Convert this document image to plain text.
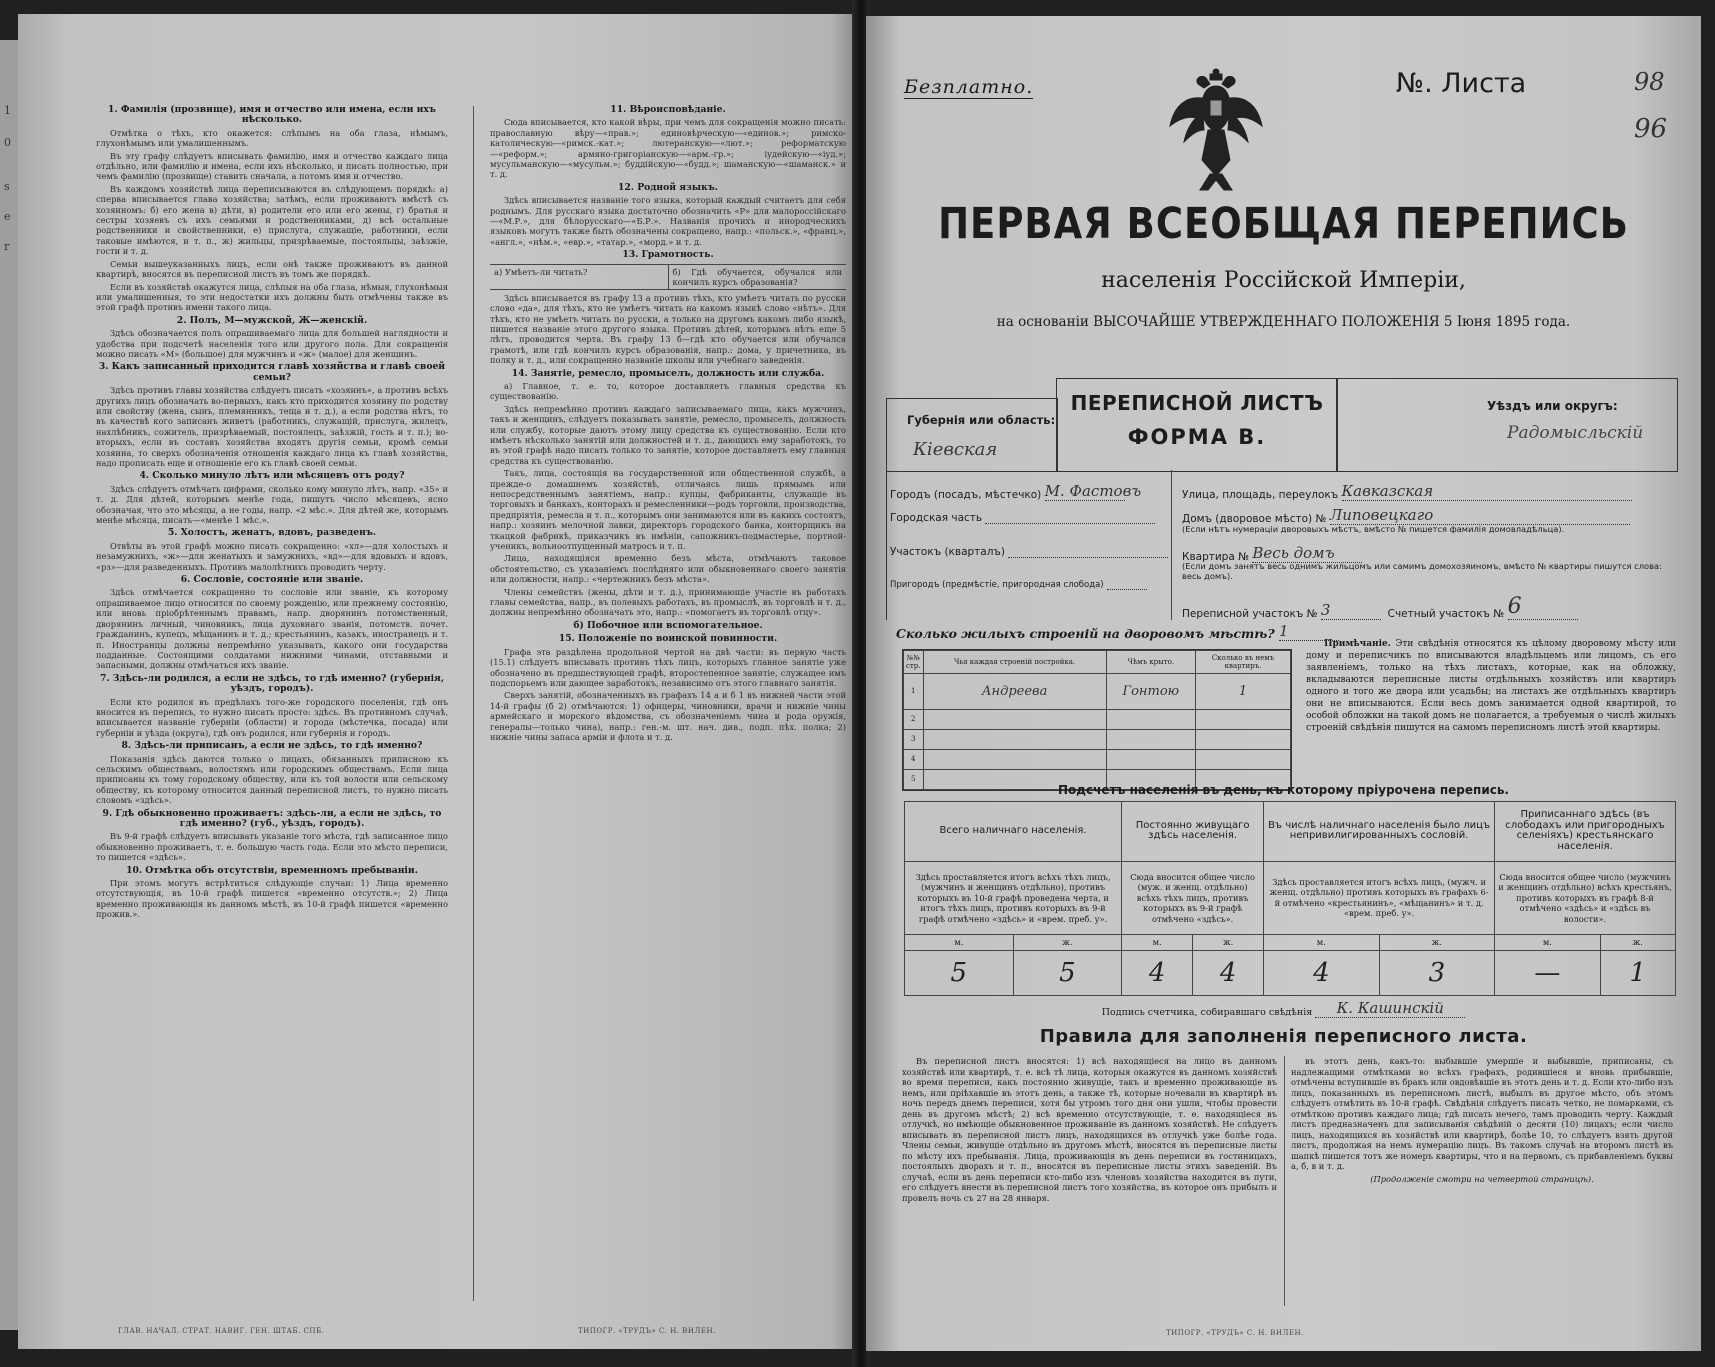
1
0
s
e
r
1. Фамилія (прозвище), имя и отчество или имена, если ихъ нѣсколько.

Отмѣтка о тѣхъ, кто окажется: слѣпымъ на оба глаза, нѣмымъ, глухонѣмымъ или умалишеннымъ.

Въ эту графу слѣдуетъ вписывать фамилію, имя и отчество каждаго лица отдѣльно, или фамилію и имена, если ихъ нѣсколько, и писать полностью, при чемъ фамилію (прозвище) ставить сначала, а потомъ имя и отчество.

Въ каждомъ хозяйствѣ лица переписываются въ слѣдующемъ порядкѣ: а) сперва вписывается глава хозяйства; затѣмъ, если проживаютъ вмѣстѣ съ хозяиномъ: б) его жена в) дѣти, в) родители его или его жены, г) братья и сестры хозяевъ съ ихъ семьями и родственниками, д) всѣ остальные родственники и свойственники, е) прислуга, служащіе, работники, если таковые имѣются, и т. п., ж) жильцы, призрѣваемые, постояльцы, заѣзжіе, гости и т. д.

Семьи вышеуказанныхъ лицъ, если онѣ также проживаютъ въ данной квартирѣ, вносятся въ переписной листъ въ томъ же порядкѣ.

Если въ хозяйствѣ окажутся лица, слѣпыя на оба глаза, нѣмыя, глухонѣмыя или умалишенныя, то эти недостатки ихъ должны быть отмѣчены также въ этой графѣ противъ имени такого лица.

2. Полъ, М—мужской, Ж—женскій.

Здѣсь обозначается полъ опрашиваемаго лица для большей наглядности и удобства при подсчетѣ населенія того или другого пола. Для сокращенія можно писать «М» (большое) для мужчинъ и «ж» (малое) для женщинъ.

3. Какъ записанный приходится главѣ хозяйства и главѣ своей семьи?

Здѣсь противъ главы хозяйства слѣдуетъ писать «хозяинъ», а противъ всѣхъ другихъ лицъ обозначать во-первыхъ, какъ кто приходится хозяину по родству или свойству (жена, сынъ, племянникъ, теща и т. д.), а если родства нѣтъ, то въ качествѣ кого записанъ живетъ (работникъ, служащій, прислуга, жилецъ, нахлѣбникъ, сожитель, призрѣваемый, постоялецъ, заѣзжій, гость и т. п.); во-вторыхъ, если въ составъ хозяйства входятъ другія семьи, кромѣ семьи хозяина, то сверхъ обозначенія отношенія каждаго лица къ главѣ хозяйства, надо прописать еще и отношеніе его къ главѣ своей семьи.

4. Сколько минуло лѣтъ или мѣсяцевъ отъ роду?

Здѣсь слѣдуетъ отмѣчать цифрами, сколько кому минуло лѣтъ, напр. «35» и т. д. Для дѣтей, которымъ менѣе года, пишутъ число мѣсяцевъ, ясно обозначая, что это мѣсяцы, а не годы, напр. «2 мѣс.». Для дѣтей же, которымъ менѣе мѣсяца, писать—«менѣе 1 мѣс.».

5. Холостъ, женатъ, вдовъ, разведенъ.

Отвѣты въ этой графѣ можно писать сокращенно: «хл»—для холостыхъ и незамужнихъ, «ж»—для женатыхъ и замужнихъ, «вд»—для вдовыхъ и вдовъ, «рз»—для разведенныхъ. Противъ малолѣтнихъ проводить черту.

6. Сословіе, состояніе или званіе.

Здѣсь отмѣчается сокращенно то сословіе или званіе, къ которому опрашиваемое лицо относится по своему рожденію, или прежнему состоянію, или вновь пріобрѣтеннымъ правамъ, напр. дворянинъ потомственный, дворянинъ личный, чиновникъ, лица духовнаго званія, потомств. почет. гражданинъ, купецъ, мѣщанинъ и т. д.; крестьянинъ, казакъ, иностранецъ и т. п. Иностранцы должны непремѣнно указывать, какого они государства подданные. Состоящими солдатами нижними чинами, отставными и запасными, должны отмѣчаться ихъ званіе.

7. Здѣсь-ли родился, а если не здѣсь, то гдѣ именно? (губернія, уѣздъ, городъ).

Если кто родился въ предѣлахъ того-же городского поселенія, гдѣ онъ вносится въ перепись, то нужно писать просто: здѣсь. Въ противномъ случаѣ, вписывается названіе губерніи (области) и города (мѣстечка, посада) или губерніи и уѣзда (округа), гдѣ онъ родился, или губернія и городъ.

8. Здѣсь-ли приписанъ, а если не здѣсь, то гдѣ именно?

Показанія здѣсь даются только о лицахъ, обязанныхъ приписною къ сельскимъ обществамъ, волостямъ или городскимъ обществамъ. Если лица приписаны къ тому городскому обществу, или къ той волости или сельскому обществу, къ которому относится данный переписной листъ, то нужно писать словомъ «здѣсь».

9. Гдѣ обыкновенно проживаетъ: здѣсь-ли, а если не здѣсь, то гдѣ именно? (губ., уѣздъ, городъ).

Въ 9-й графѣ слѣдуетъ вписывать указаніе того мѣста, гдѣ записанное лицо обыкновенно проживаетъ, т. е. большую часть года. Если это мѣсто переписи, то пишется «здѣсь».

10. Отмѣтка объ отсутствіи, временномъ пребываніи.

При этомъ могутъ встрѣтиться слѣдующіе случаи: 1) Лица временно отсутствующія, въ 10-й графѣ пишется «временно отсутств.»; 2) Лица временно проживающія въ данномъ мѣстѣ, въ 10-й графѣ пишется «временно прожив.».

11. Вѣроисповѣданіе.

Сюда вписывается, кто какой вѣры, при чемъ для сокращенія можно писать: православную вѣру—«прав.»; единовѣрческую—«единов.»; римско-католическую—«римск.-кат.»; лютеранскую—«лют.»; реформатскую—«реформ.»; армяно-григоріанскую—«арм.-гр.»; іудейскую—«іуд.»; мусульманскую—«мусульм.»; буддійскую—«будд.»; шаманскую—«шаманск.» и т. д.

12. Родной языкъ.

Здѣсь вписывается названіе того языка, который каждый считаетъ для себя роднымъ. Для русскаго языка достаточно обозначить «Р» для малороссійскаго—«М.Р.», для бѣлорусскаго—«Б.Р.». Названія прочихъ и инородческихъ языковъ могутъ также быть обозначены сокращено, напр.: «польск.», «франц.», «англ.», «нѣм.», «евр.», «татар.», «морд.» и т. д.

13. Грамотность.
а) Умѣетъ-ли читать?	б) Гдѣ обучается, обучался или кончилъ курсъ образованія?

Здѣсь вписывается въ графу 13 а противъ тѣхъ, кто умѣетъ читать по русски слово «да», для тѣхъ, кто не умѣетъ читать на какомъ языкѣ слово «нѣтъ». Для тѣхъ, кто не умѣетъ читать по русски, а только на другомъ какомъ либо языкѣ, пишется названіе этого другого языка. Противъ дѣтей, которымъ нѣтъ еще 5 лѣтъ, проводится черта. Въ графу 13 б—гдѣ кто обучается или обучался грамотѣ, или гдѣ кончилъ курсъ образованія, напр.: дома, у причетника, въ полку и т. д., или сокращенно названіе школы или учебнаго заведенія.

14. Занятіе, ремесло, промыселъ, должность или служба.

а) Главное, т. е. то, которое доставляетъ главныя средства къ существованію.

Здѣсь непремѣнно противъ каждаго записываемаго лица, какъ мужчинъ, такъ и женщинъ, слѣдуетъ показывать занятіе, ремесло, промыселъ, должность или службу, которые даютъ этому лицу средства къ существованію. Если кто имѣетъ нѣсколько занятій или должностей и т. д., дающихъ ему заработокъ, то въ этой графѣ надо писать только то занятіе, которое доставляетъ ему главныя средства къ существованію.

Такъ, лица, состоящія на государственной или общественной службѣ, а прежде-о домашнемъ хозяйствѣ, отличаясь лишь прямымъ или непосредственнымъ занятіемъ, напр.: купцы, фабриканты, служащіе въ торговыхъ и банкахъ, конторахъ и ремесленники—родъ торговли, производства, предпріятія, ремесла и т. п., которымъ они занимаются или въ какихъ состоятъ, напр.: хозяинъ мелочной лавки, директоръ городского банка, конторщикъ на ткацкой фабрикѣ, приказчикъ въ имѣніи, сапожникъ-подмастерье, портной-ученикъ, вольноотпущенный матросъ и т. п.

Лица, находящіяся временно безъ мѣста, отмѣчаютъ таковое обстоятельство, съ указаніемъ послѣдняго или обыкновеннаго своего занятія или должности, напр.: «чертежникъ безъ мѣста».

Члены семействъ (жены, дѣти и т. д.), принимающіе участіе въ работахъ главы семейства, напр., въ полевыхъ работахъ, въ промыслѣ, въ торговлѣ и т. д., должны непремѣнно обозначать это, напр.: «помогаетъ въ торговлѣ отцу».

б) Побочное или вспомогательное.
15. Положеніе по воинской повинности.

Графа эта раздѣлена продольной чертой на двѣ части: въ первую часть (15.1) слѣдуетъ вписывать противъ тѣхъ лицъ, которыхъ главное занятіе уже обозначено въ предшествующей графѣ, второстепенное занятіе, служащее имъ подспорьемъ или дающее заработокъ, независимо отъ этого главнаго занятія.

Сверхъ занятій, обозначенныхъ въ графахъ 14 а и б 1 въ нижней части этой 14-й графы (б 2) отмѣчаются: 1) офицеры, чиновники, врачи и нижніе чины армейскаго и морского вѣдомства, съ обозначеніемъ чина и рода оружія, генералы—только чина), напр.: ген.-м. шт. нач. див., подп. пѣх. полка; 2) нижніе чины запаса арміи и флота и т. д.

ГЛАВ. НАЧАЛ. СТРАТ. НАВИГ. ГЕН. ШТАБ. СПБ.	ТИПОГР. «ТРУДЪ» С. Н. ВИЛЕН.
Безплатно.	№. Листа	98
96
ПЕРВАЯ ВСЕОБЩАЯ ПЕРЕПИСЬ
населенія Россійской Имперіи,
на основаніи ВЫСОЧАЙШЕ УТВЕРЖДЕННАГО ПОЛОЖЕНІЯ 5 Іюня 1895 года.
Губернія или область:
Кіевская
ПЕРЕПИСНОЙ ЛИСТЪ
ФОРМА В.
Уѣздъ или округъ:
Радомысльскій
Городъ (посадъ, мѣстечко) М. Фастовъ
Городская часть
Участокъ (кварталъ)
Пригородъ (предмѣстіе, пригородная слобода)
Улица, площадь, переулокъ Кавказская
Домъ (дворовое мѣсто) № Липовецкаго
(Если нѣтъ нумераціи дворовыхъ мѣстъ, вмѣсто № пишется фамилія домовладѣльца).
Квартира № Весь домъ
(Если домъ занятъ весь однимъ жильцомъ или самимъ домохозяиномъ, вмѣсто № квартиры пишутся слова: весь домъ).
Переписной участокъ № 3	Счетный участокъ № 6
Сколько жилыхъ строеній на дворовомъ мѣстѣ? 1
№№ стр.	Чья каждая строеній постройка.	Чѣмъ крыто.	Сколько въ немъ квартиръ.
1	Андреева	Гонтою	1
2			
3			
4			
5			
Примѣчаніе. Эти свѣдѣнія относятся къ цѣлому дворовому мѣсту или дому и переписчикъ по вписываются владѣльцемъ или лицомъ, съ его заявленіемъ, только на тѣхъ листахъ, которые, как на обложку, вкладываются переписные листы отдѣльныхъ хозяйствъ или квартиръ одного и того же двора или усадьбы; на листахъ же отдѣльныхъ квартиръ они не вписываются. Если весь домъ занимается одной квартирой, то особой обложки на такой домъ не полагается, а требуемыя о числѣ жилыхъ строеній свѣдѣнія пишутся на самомъ переписномъ листѣ этой квартиры.
Подсчетъ населенія въ день, къ которому пріурочена перепись.
Всего наличнаго населенія.		Постоянно живущаго здѣсь населенія.		Въ числѣ наличнаго населенія было лицъ непривилигированныхъ сословій.		Приписаннаго здѣсь (въ слободахъ или пригородныхъ селеніяхъ) крестьянскаго населенія.	
Здѣсь проставляется итогъ всѣхъ тѣхъ лицъ, (мужчинъ и женщинъ отдѣльно), противъ которыхъ въ 10-й графѣ проведена черта, и итогъ тѣхъ лицъ, противъ которыхъ въ 9-й графѣ отмѣчено «здѣсь» и «врем. преб. у».		Сюда вносится общее число (муж. и женщ. отдѣльно) всѣхъ тѣхъ лицъ, противъ которыхъ въ 9-й графѣ отмѣчено «здѣсь».		Здѣсь проставляется итогъ всѣхъ лицъ, (мужч. и женщ. отдѣльно) противъ которыхъ въ графахъ 6-й отмѣчено «крестьянинъ», «мѣщанинъ» и т. д. «врем. преб. у».		Сюда вносится общее число (мужчинъ и женщинъ отдѣльно) всѣхъ крестьянъ, противъ которыхъ въ графѣ 8-й отмѣчено «здѣсь» и «здѣсь въ волости».	
м.	ж.	м.	ж.	м.	ж.	м.	ж.
5	5	4	4	4	3	—	1
Подпись счетчика, собиравшаго свѣдѣнія К. Кашинскій
Правила для заполненія переписного листа.

Въ переписной листъ вносятся: 1) всѣ находящіеся на лицо въ данномъ хозяйствѣ или квартирѣ, т. е. всѣ тѣ лица, которыя окажутся въ данномъ хозяйствѣ во время переписи, какъ постоянно живущіе, такъ и временно проживающіе въ немъ, или пріѣхавшіе въ этотъ день, а также тѣ, которые ночевали въ квартирѣ въ ночь передъ днемъ переписи, хотя бы утромъ того дня они ушли, чтобы провести день въ другомъ мѣстѣ; 2) всѣ временно отсутствующіе, т. е. находящіеся въ отлучкѣ, но имѣющіе обыкновенное проживаніе въ данномъ хозяйствѣ. Не слѣдуетъ вписывать въ переписной листъ лицъ, находящихся въ отлучкѣ уже болѣе года. Члены семьи, живущіе отдѣльно въ другомъ мѣстѣ, вносятся въ переписные листы по мѣсту ихъ пребыванія. Лица, проживающія въ день переписи въ гостиницахъ, постоялыхъ дворахъ и т. п., вносятся въ переписные листы этихъ заведеній. Въ случаѣ, если въ день переписи кто-либо изъ членовъ хозяйства находится въ пути, его слѣдуетъ внести въ переписной листъ того хозяйства, въ которое онъ прибылъ и провелъ ночь съ 27 на 28 января.

въ этотъ день, какъ-то: выбывшіе умершіе и выбывшіе, приписаны, съ надлежащими отмѣтками во всѣхъ графахъ, родившіеся и вновь прибывшіе, отмѣчены вступившіе въ бракъ или овдовѣвшіе въ этотъ день и т. д. Если кто-либо изъ лицъ, показанныхъ въ переписномъ листѣ, выбылъ въ другое мѣсто, объ этомъ слѣдуетъ отмѣтить въ 10-й графѣ. Свѣдѣнія слѣдуетъ писать четко, не помарками, съ отмѣткою противъ каждаго лица; гдѣ писать нечего, тамъ проводить черту. Каждый листъ предназначенъ для записыванія свѣдѣній о десяти (10) лицахъ; если число лицъ, находящихся въ хозяйствѣ или квартирѣ, болѣе 10, то слѣдуетъ взять другой листъ, продолжая на немъ нумерацію лицъ. Въ такомъ случаѣ на второмъ листѣ въ шапкѣ пишется тотъ же номеръ квартиры, что и на первомъ, съ прибавленіемъ буквы а, б, в и т. д.

(Продолженіе смотри на четвертой страницѣ).

ТИПОГР. «ТРУДЪ» С. Н. ВИЛЕН.
